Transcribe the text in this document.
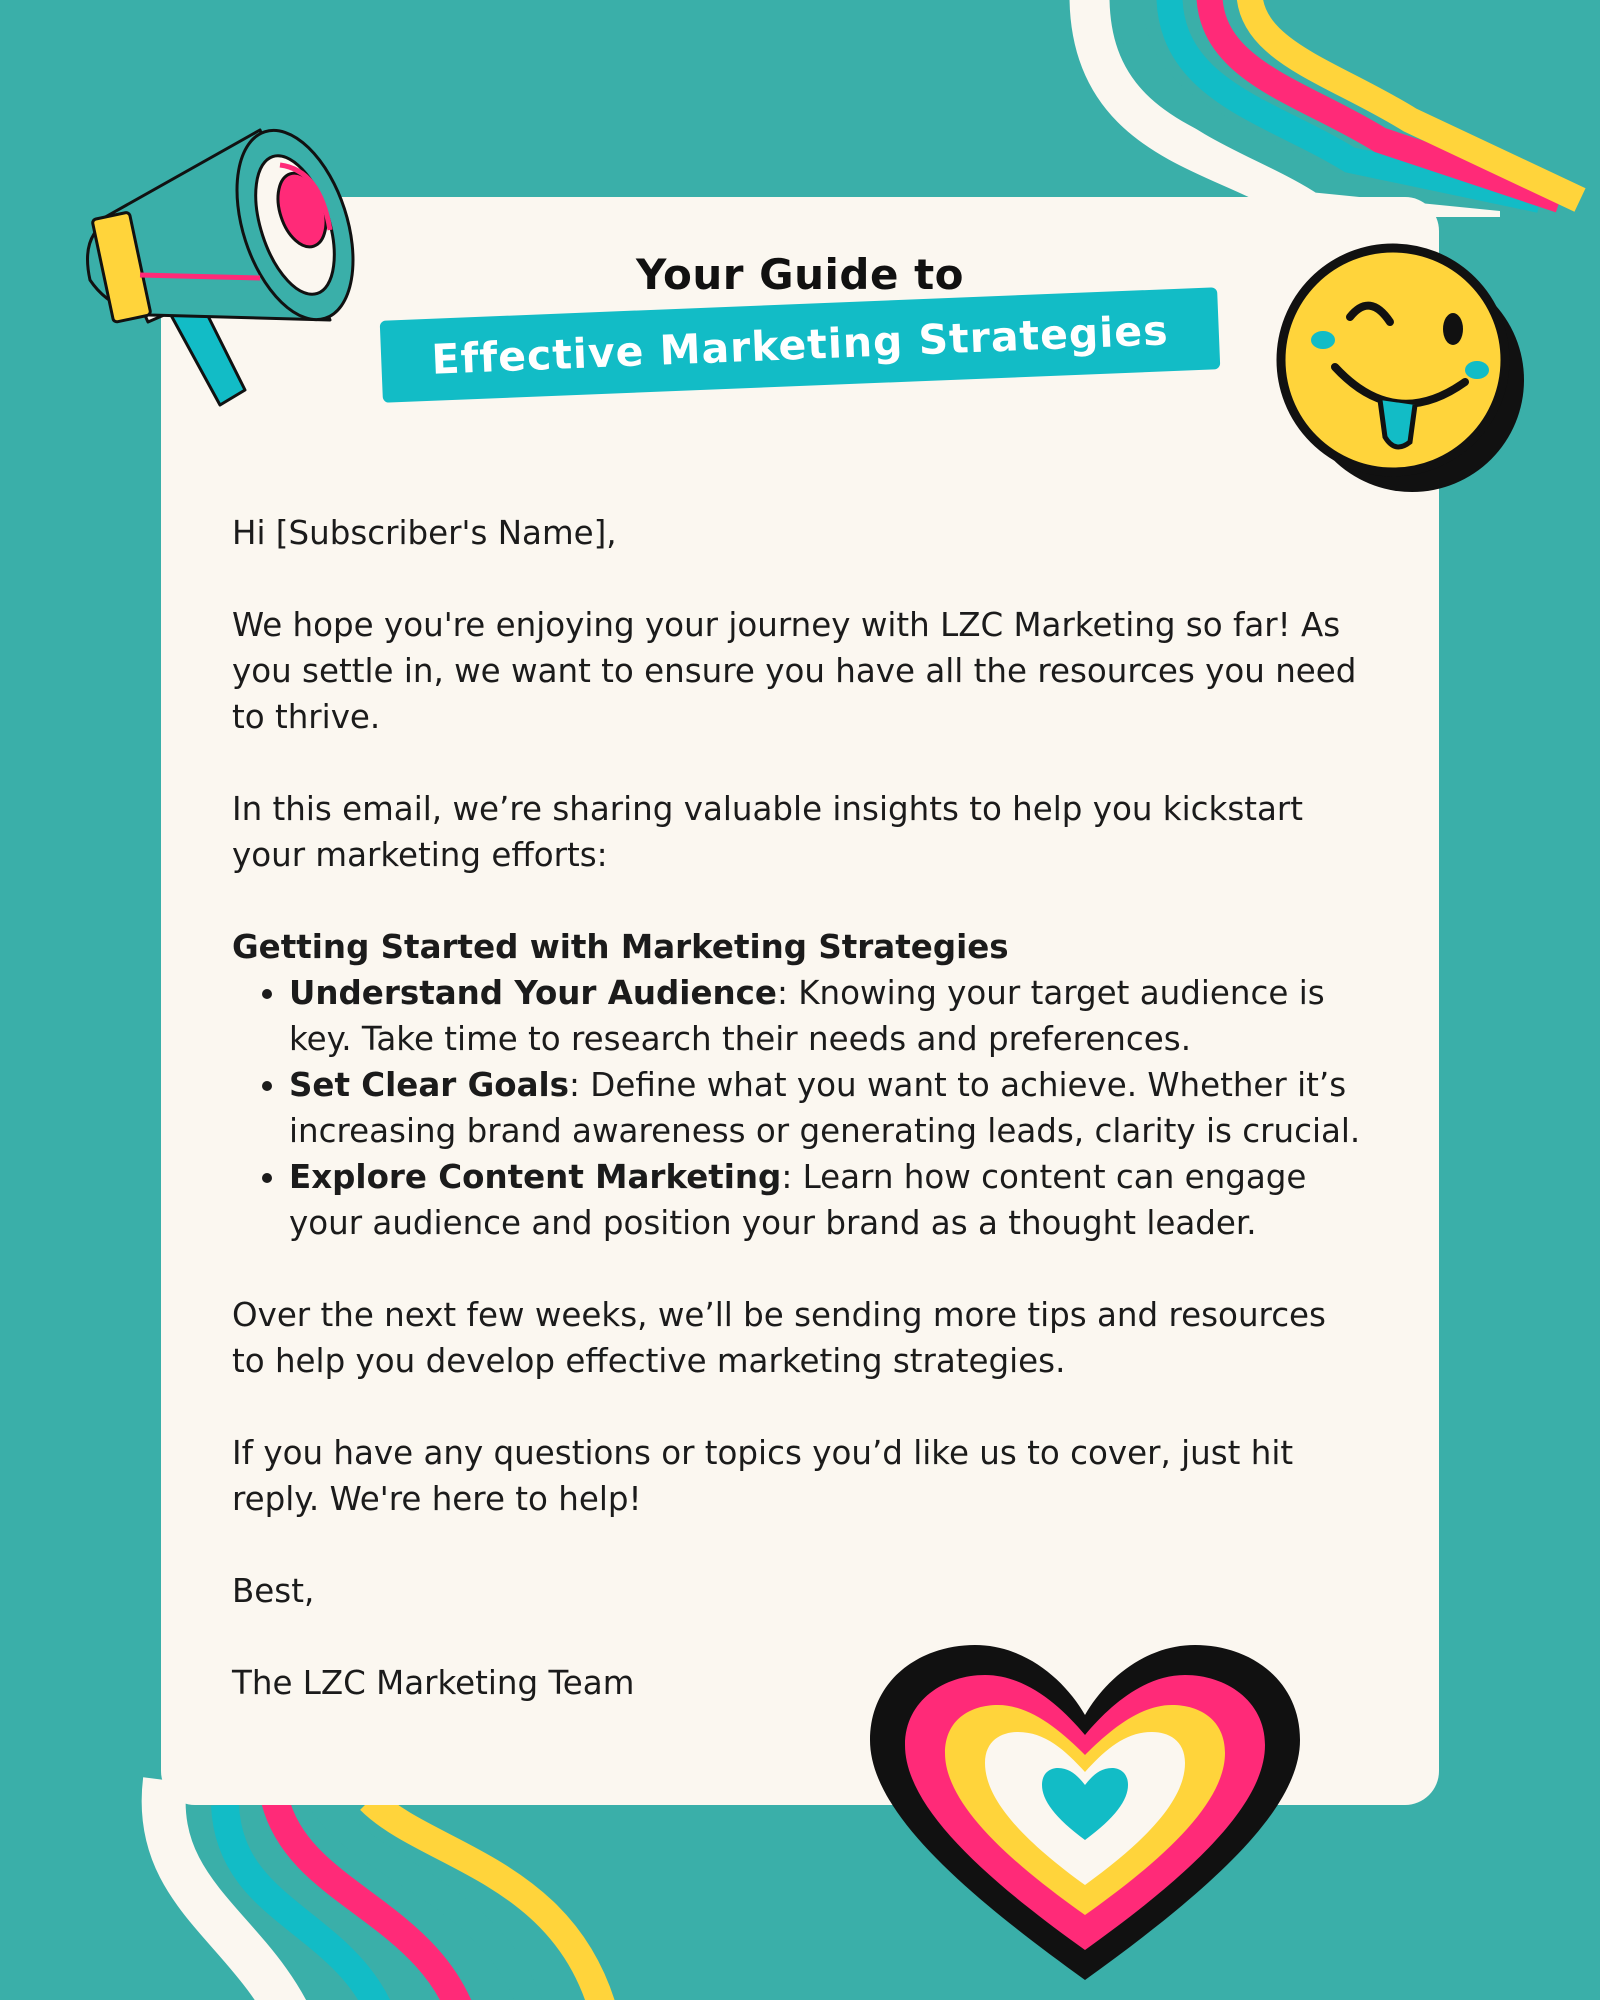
Your Guide to
Effective Marketing Strategies

Hi [Subscriber's Name],

We hope you're enjoying your journey with LZC Marketing so far! As you settle in, we want to ensure you have all the resources you need to thrive.

In this email, we’re sharing valuable insights to help you kickstart your marketing efforts:

Getting Started with Marketing Strategies

• Understand Your Audience: Knowing your target audience is key. Take time to research their needs and preferences.
• Set Clear Goals: Define what you want to achieve. Whether it’s increasing brand awareness or generating leads, clarity is crucial.
• Explore Content Marketing: Learn how content can engage your audience and position your brand as a thought leader.

Over the next few weeks, we’ll be sending more tips and resources to help you develop effective marketing strategies.

If you have any questions or topics you’d like us to cover, just hit reply. We're here to help!

Best,

The LZC Marketing Team
